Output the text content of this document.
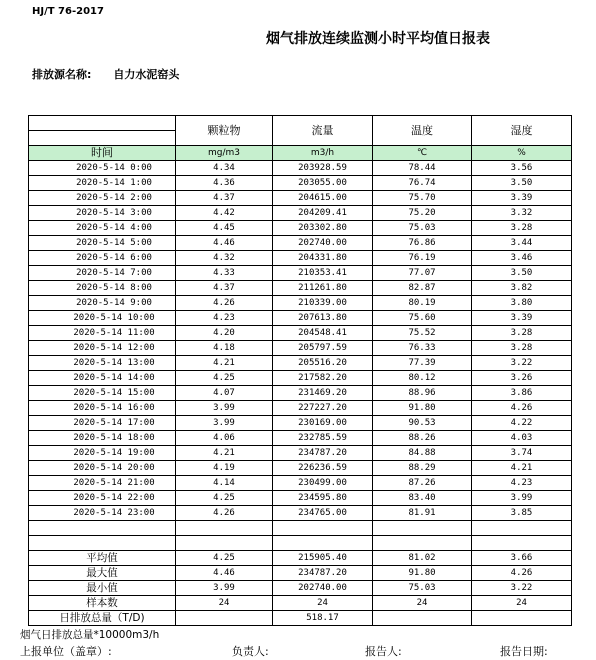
HJ/T 76-2017
烟气排放连续监测小时平均值日报表
排放源名称: 自力水泥窑头
	颗粒物	流量	温度	湿度

时间	mg/m3	m3/h	℃	%
2020-5-14 0:00	4.34	203928.59	78.44	3.56
2020-5-14 1:00	4.36	203055.00	76.74	3.50
2020-5-14 2:00	4.37	204615.00	75.70	3.39
2020-5-14 3:00	4.42	204209.41	75.20	3.32
2020-5-14 4:00	4.45	203302.80	75.03	3.28
2020-5-14 5:00	4.46	202740.00	76.86	3.44
2020-5-14 6:00	4.32	204331.80	76.19	3.46
2020-5-14 7:00	4.33	210353.41	77.07	3.50
2020-5-14 8:00	4.37	211261.80	82.87	3.82
2020-5-14 9:00	4.26	210339.00	80.19	3.80
2020-5-14 10:00	4.23	207613.80	75.60	3.39
2020-5-14 11:00	4.20	204548.41	75.52	3.28
2020-5-14 12:00	4.18	205797.59	76.33	3.28
2020-5-14 13:00	4.21	205516.20	77.39	3.22
2020-5-14 14:00	4.25	217582.20	80.12	3.26
2020-5-14 15:00	4.07	231469.20	88.96	3.86
2020-5-14 16:00	3.99	227227.20	91.80	4.26
2020-5-14 17:00	3.99	230169.00	90.53	4.22
2020-5-14 18:00	4.06	232785.59	88.26	4.03
2020-5-14 19:00	4.21	234787.20	84.88	3.74
2020-5-14 20:00	4.19	226236.59	88.29	4.21
2020-5-14 21:00	4.14	230499.00	87.26	4.23
2020-5-14 22:00	4.25	234595.80	83.40	3.99
2020-5-14 23:00	4.26	234765.00	81.91	3.85

平均值	4.25	215905.40	81.02	3.66
最大值	4.46	234787.20	91.80	4.26
最小值	3.99	202740.00	75.03	3.22
样本数	24	24	24	24
日排放总量（T/D)		518.17		
烟气日排放总量*10000m3/h
上报单位（盖章）:	负责人:	报告人:	报告日期:
